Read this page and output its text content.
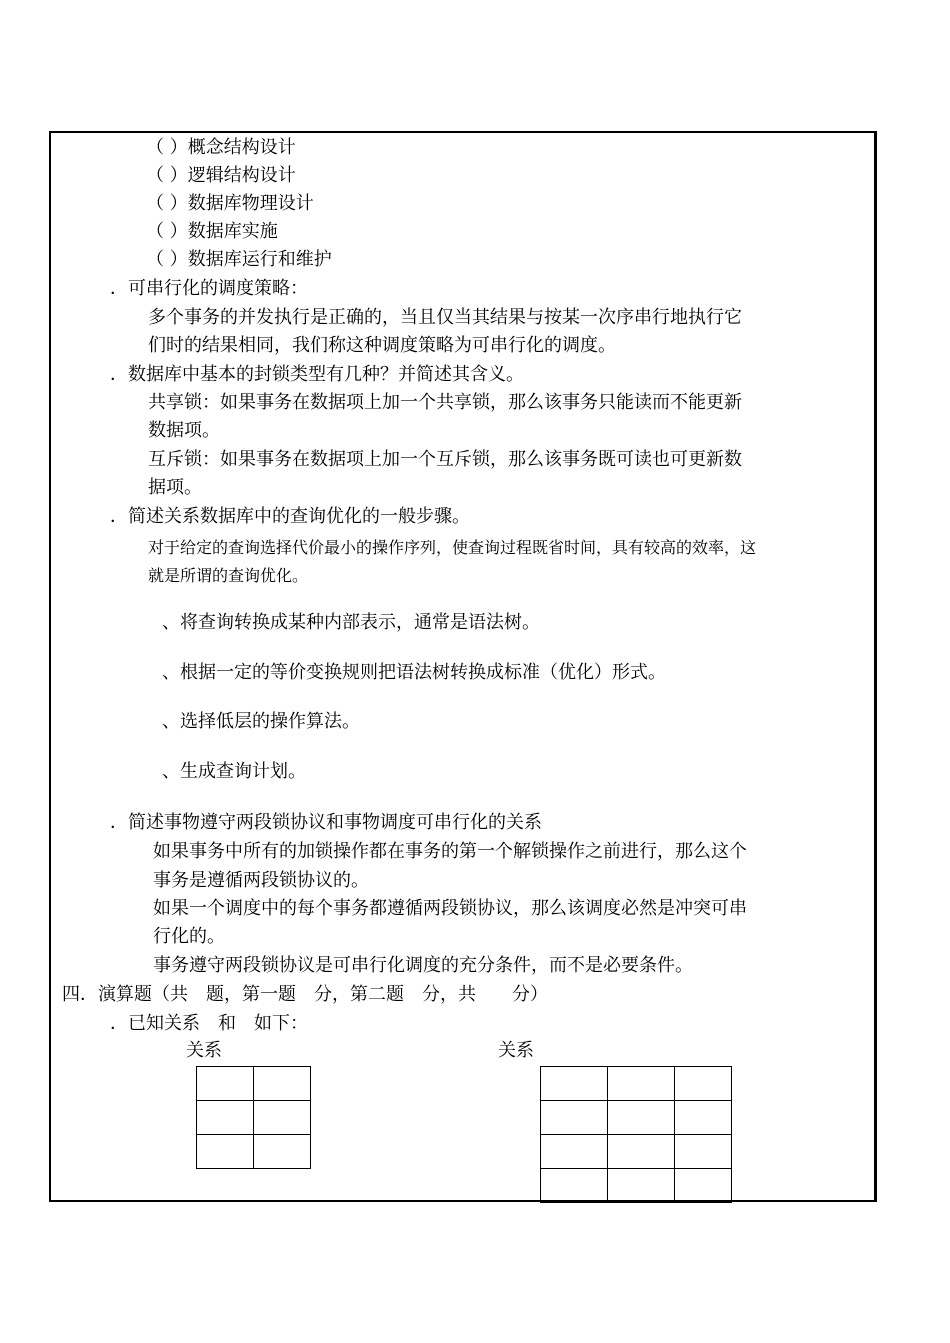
（ ）概念结构设计
（ ）逻辑结构设计
（ ）数据库物理设计
（ ）数据库实施
（ ）数据库运行和维护
．可串行化的调度策略：
多个事务的并发执行是正确的，当且仅当其结果与按某一次序串行地执行它
们时的结果相同，我们称这种调度策略为可串行化的调度。
．数据库中基本的封锁类型有几种？并简述其含义。
共享锁：如果事务在数据项上加一个共享锁，那么该事务只能读而不能更新
数据项。
互斥锁：如果事务在数据项上加一个互斥锁，那么该事务既可读也可更新数
据项。
．简述关系数据库中的查询优化的一般步骤。
对于给定的查询选择代价最小的操作序列，使查询过程既省时间，具有较高的效率，这
就是所谓的查询优化。
、将查询转换成某种内部表示，通常是语法树。
、根据一定的等价变换规则把语法树转换成标准（优化）形式。
、选择低层的操作算法。
、生成查询计划。
．简述事物遵守两段锁协议和事物调度可串行化的关系
如果事务中所有的加锁操作都在事务的第一个解锁操作之前进行，那么这个
事务是遵循两段锁协议的。
如果一个调度中的每个事务都遵循两段锁协议，那么该调度必然是冲突可串
行化的。
事务遵守两段锁协议是可串行化调度的充分条件，而不是必要条件。
四．演算题（共　题，第一题　分，第二题　分，共　　分）
．已知关系　和　如下：
关系	关系
